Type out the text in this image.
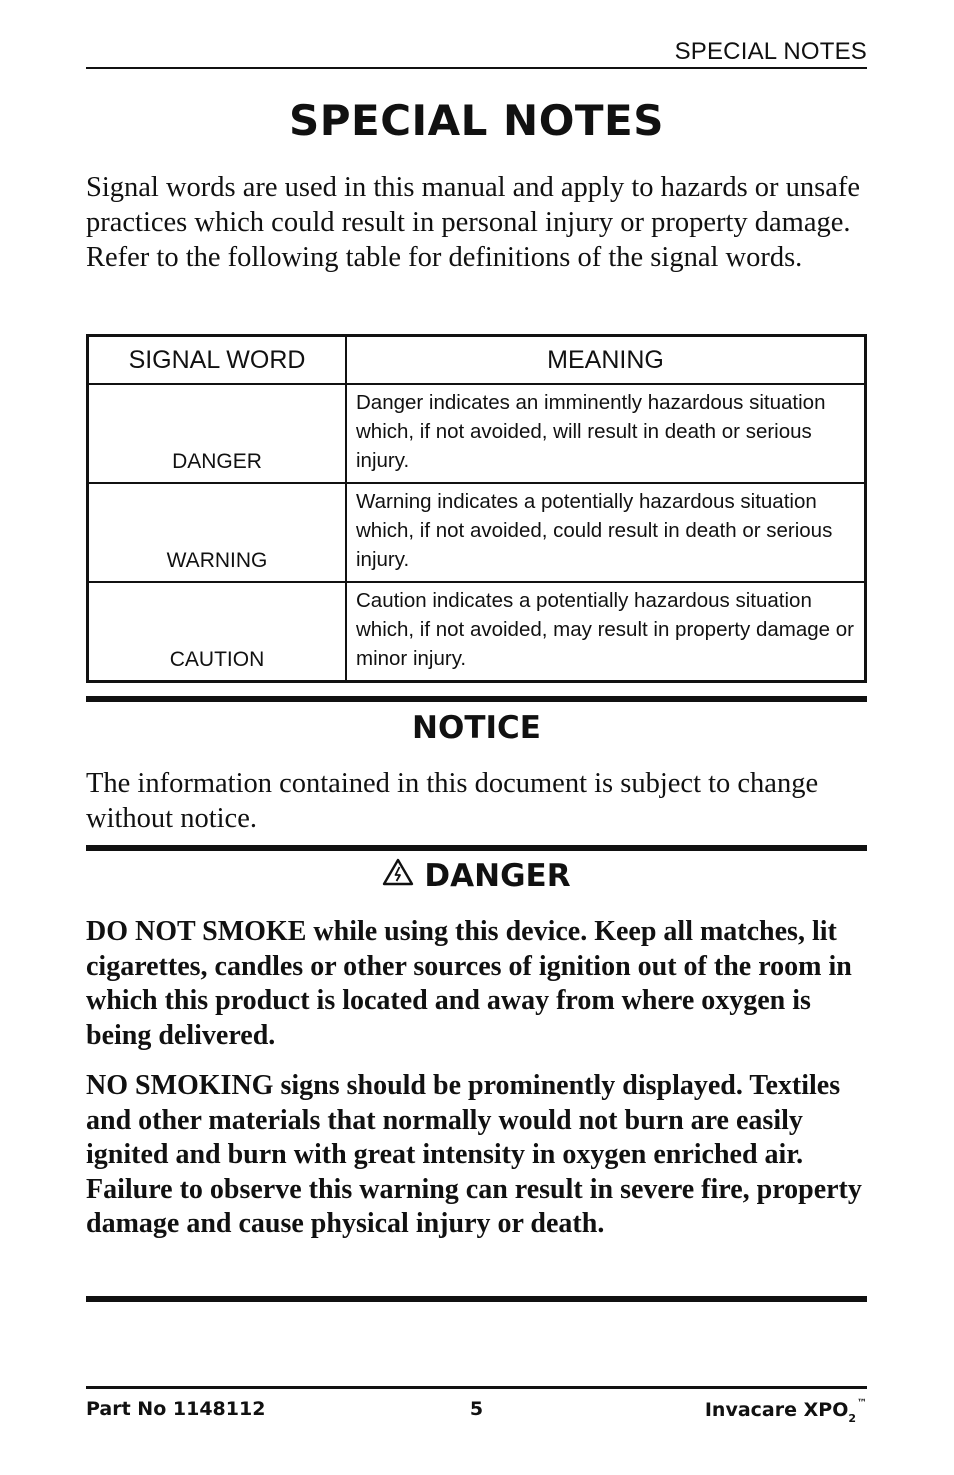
SPECIAL NOTES
SPECIAL NOTES

Signal words are used in this manual and apply to hazards or unsafe practices which could result in personal injury or property damage. Refer to the following table for definitions of the signal words.

SIGNAL WORD	MEANING
DANGER	Danger indicates an imminently hazardous situation which, if not avoided, will result in death or serious injury.
WARNING	Warning indicates a potentially hazardous situation which, if not avoided, could result in death or serious injury.
CAUTION	Caution indicates a potentially hazardous situation which, if not avoided, may result in property damage or minor injury.
NOTICE

The information contained in this document is subject to change without notice.

DANGER

DO NOT SMOKE while using this device. Keep all matches, lit cigarettes, candles or other sources of ignition out of the room in which this product is located and away from where oxygen is being delivered.

NO SMOKING signs should be prominently displayed. Textiles and other materials that normally would not burn are easily ignited and burn with great intensity in oxygen enriched air. Failure to observe this warning can result in severe fire, property damage and cause physical injury or death.

Part No 1148112	5	Invacare $XPO_2™$
